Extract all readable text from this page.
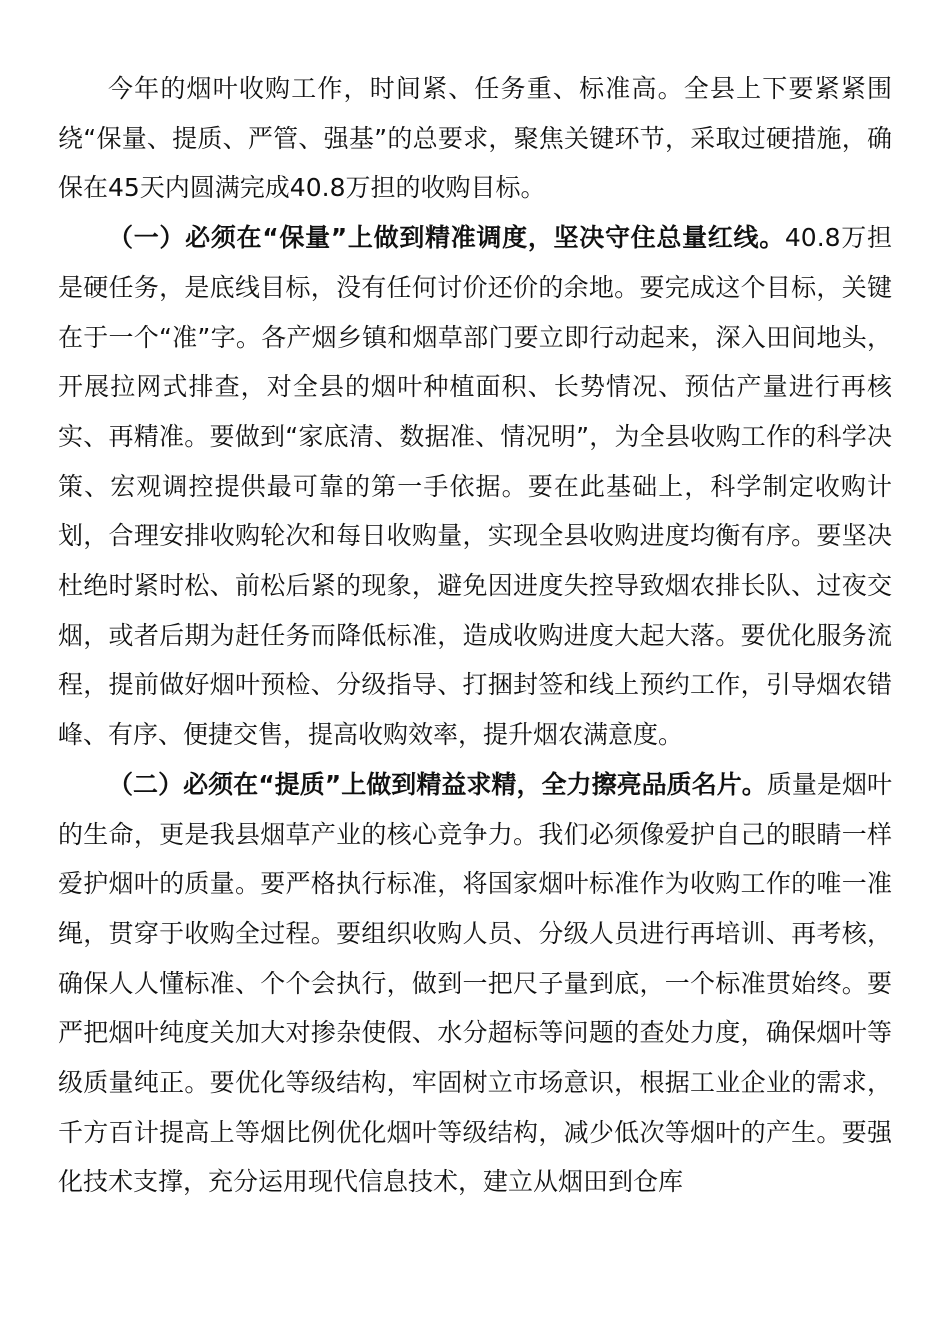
今年的烟叶收购工作，时间紧、任务重、标准高。全县上下要紧紧围绕“保量、提质、严管、强基”的总要求，聚焦关键环节，采取过硬措施，确保在45天内圆满完成40.8万担的收购目标。

（一）必须在“保量”上做到精准调度，坚决守住总量红线。40.8万担是硬任务，是底线目标，没有任何讨价还价的余地。要完成这个目标，关键在于一个“准”字。各产烟乡镇和烟草部门要立即行动起来，深入田间地头，开展拉网式排查，对全县的烟叶种植面积、长势情况、预估产量进行再核实、再精准。要做到“家底清、数据准、情况明”，为全县收购工作的科学决策、宏观调控提供最可靠的第一手依据。要在此基础上，科学制定收购计划，合理安排收购轮次和每日收购量，实现全县收购进度均衡有序。要坚决杜绝时紧时松、前松后紧的现象，避免因进度失控导致烟农排长队、过夜交烟，或者后期为赶任务而降低标准，造成收购进度大起大落。要优化服务流程，提前做好烟叶预检、分级指导、打捆封签和线上预约工作，引导烟农错峰、有序、便捷交售，提高收购效率，提升烟农满意度。

（二）必须在“提质”上做到精益求精，全力擦亮品质名片。质量是烟叶的生命，更是我县烟草产业的核心竞争力。我们必须像爱护自己的眼睛一样爱护烟叶的质量。要严格执行标准，将国家烟叶标准作为收购工作的唯一准绳，贯穿于收购全过程。要组织收购人员、分级人员进行再培训、再考核，确保人人懂标准、个个会执行，做到一把尺子量到底，一个标准贯始终。要严把烟叶纯度关加大对掺杂使假、水分超标等问题的查处力度，确保烟叶等级质量纯正。要优化等级结构，牢固树立市场意识，根据工业企业的需求，千方百计提高上等烟比例优化烟叶等级结构，减少低次等烟叶的产生。要强化技术支撑，充分运用现代信息技术，建立从烟田到仓库
